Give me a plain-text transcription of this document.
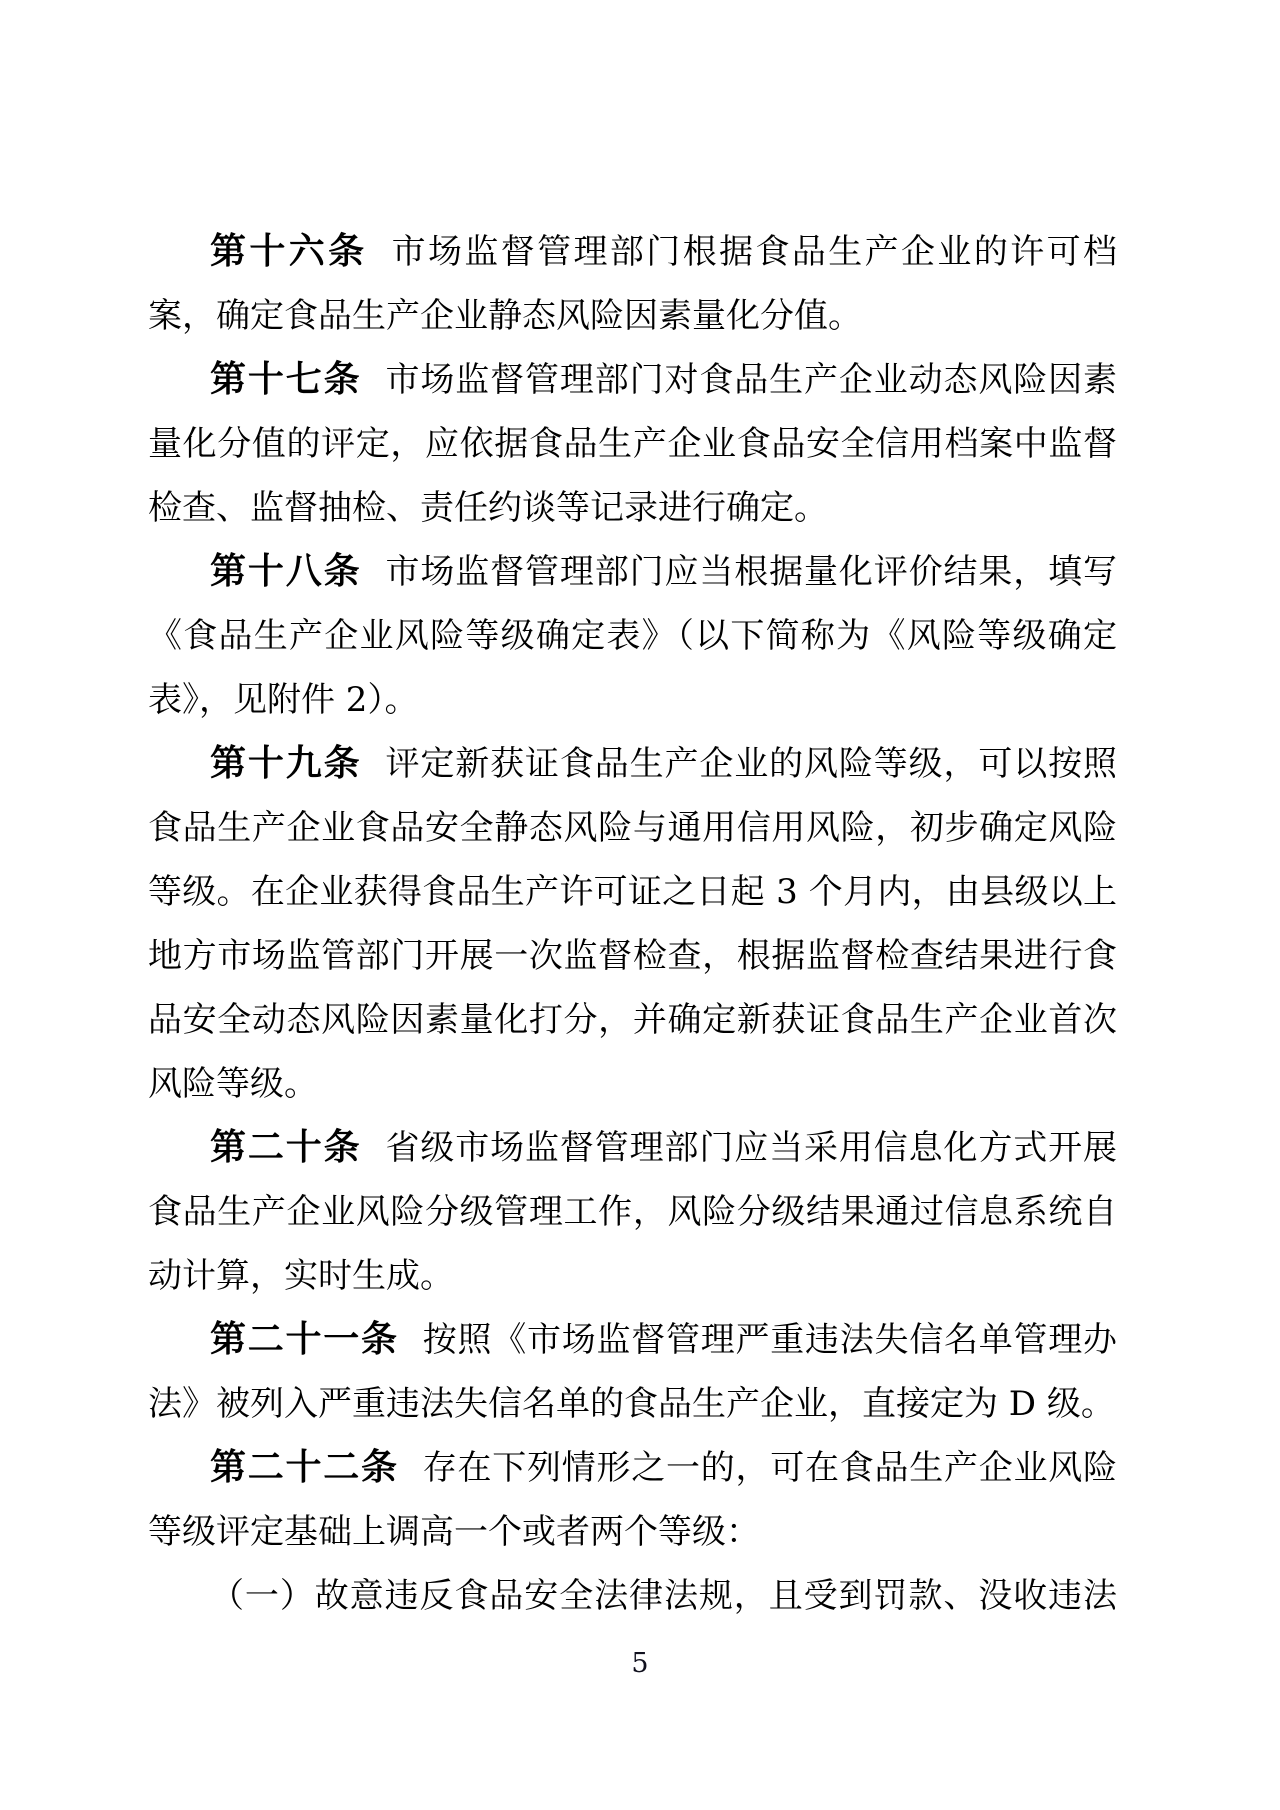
第十六条 市场监督管理部门根据食品生产企业的许可档案，确定食品生产企业静态风险因素量化分值。

第十七条 市场监督管理部门对食品生产企业动态风险因素量化分值的评定，应依据食品生产企业食品安全信用档案中监督检查、监督抽检、责任约谈等记录进行确定。

第十八条 市场监督管理部门应当根据量化评价结果，填写《食品生产企业风险等级确定表》（以下简称为《风险等级确定表》，见附件 2）。

第十九条 评定新获证食品生产企业的风险等级，可以按照食品生产企业食品安全静态风险与通用信用风险，初步确定风险等级。在企业获得食品生产许可证之日起 3 个月内，由县级以上地方市场监管部门开展一次监督检查，根据监督检查结果进行食品安全动态风险因素量化打分，并确定新获证食品生产企业首次风险等级。

第二十条 省级市场监督管理部门应当采用信息化方式开展食品生产企业风险分级管理工作，风险分级结果通过信息系统自动计算，实时生成。

第二十一条 按照《市场监督管理严重违法失信名单管理办法》被列入严重违法失信名单的食品生产企业，直接定为 D 级。

第二十二条 存在下列情形之一的，可在食品生产企业风险等级评定基础上调高一个或者两个等级：

（一）故意违反食品安全法律法规，且受到罚款、没收违法

5
